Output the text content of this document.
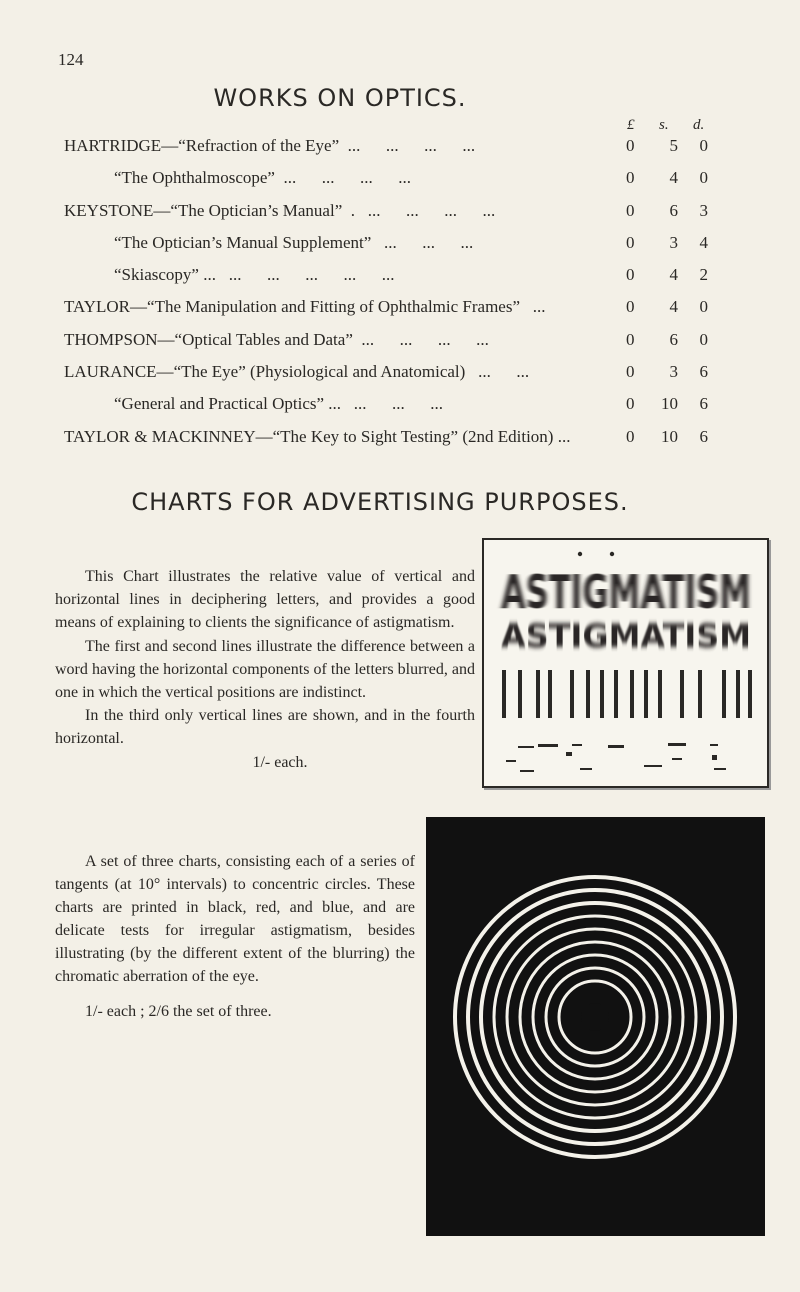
124
WORKS ON OPTICS.
£ s. d.
HARTRIDGE—“Refraction of the Eye”  ...      ...      ...      ...	0	5	0
“The Ophthalmoscope”  ...      ...      ...      ...	0	4	0
KEYSTONE—“The Optician’s Manual”  .   ...      ...      ...      ...	0	6	3
“The Optician’s Manual Supplement”   ...      ...      ...	0	3	4
“Skiascopy” ...   ...      ...      ...      ...      ...	0	4	2
TAYLOR—“The Manipulation and Fitting of Ophthalmic Frames”   ...	0	4	0
THOMPSON—“Optical Tables and Data”  ...      ...      ...      ...	0	6	0
LAURANCE—“The Eye” (Physiological and Anatomical)   ...      ...	0	3	6
“General and Practical Optics” ...   ...      ...      ...	0	10	6
TAYLOR & MACKINNEY—“The Key to Sight Testing” (2nd Edition) ...	0	10	6
CHARTS FOR ADVERTISING PURPOSES.

This Chart illustrates the relative value of vertical and horizontal lines in deciphering letters, and provides a good means of explaining to clients the significance of astigmatism.

The first and second lines illustrate the difference between a word having the horizontal components of the letters blurred, and one in which the vertical positions are indistinct.

In the third only vertical lines are shown, and in the fourth horizontal.

1/- each.

ASTIGMATISM
ASTIGMATISM

A set of three charts, consisting each of a series of tangents (at 10° intervals) to concentric circles. These charts are printed in black, red, and blue, and are delicate tests for irregular astigmatism, besides illustrating (by the different extent of the blurring) the chromatic aberration of the eye.

1/- each ; 2/6 the set of three.
